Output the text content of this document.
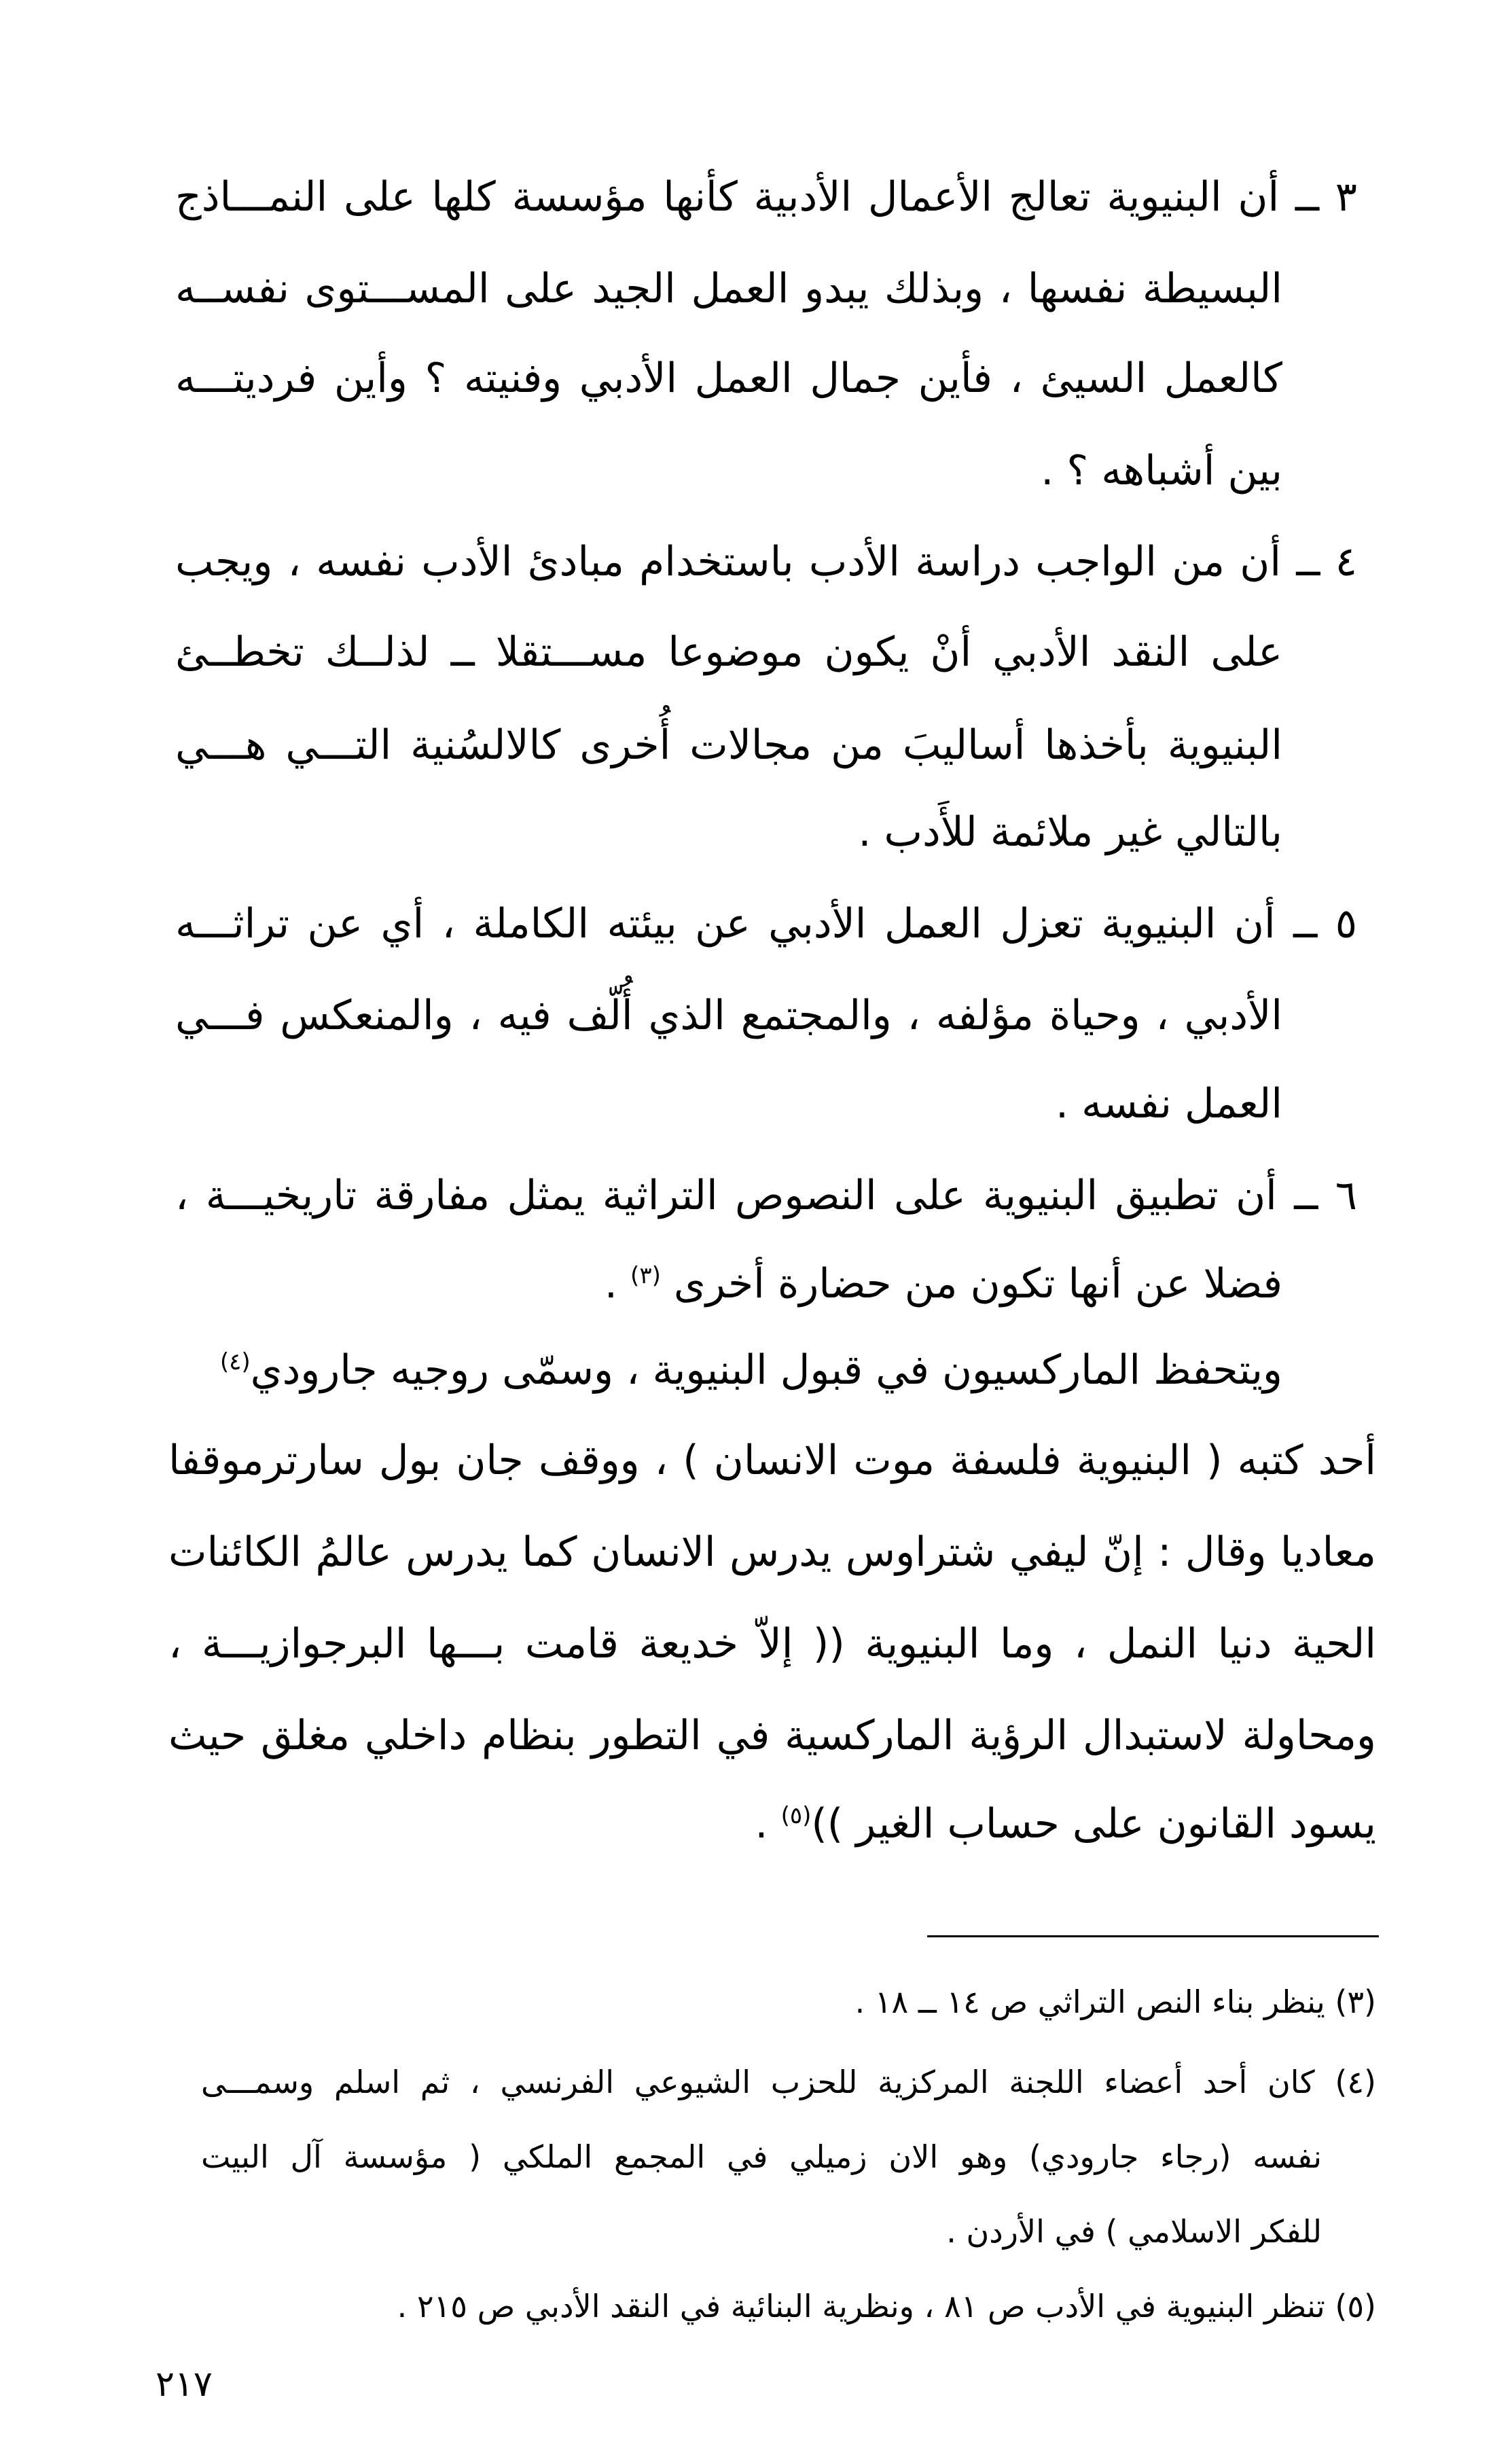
٣ ــ أن البنيوية تعالج الأعمال الأدبية كأنها مؤسسة كلها على النمـــاذج
البسيطة نفسها ، وبذلك يبدو العمل الجيد على المســـتوى نفســه
كالعمل السيئ ، فأين جمال العمل الأدبي وفنيته ؟ وأين فرديتـــه
بين أشباهه ؟ .
٤ ــ أن من الواجب دراسة الأدب باستخدام مبادئ الأدب نفسه ، ويجب
على النقد الأدبي أنْ يكون موضوعا مســـتقلا ــ لذلــك تخطــئ
البنيوية بأخذها أساليبَ من مجالات أُخرى كالالسُنية التـــي هـــي
بالتالي غير ملائمة للأَدب .
٥ ــ أن البنيوية تعزل العمل الأدبي عن بيئته الكاملة ، أي عن تراثـــه
الأدبي ، وحياة مؤلفه ، والمجتمع الذي أُلّف فيه ، والمنعكس فـــي
العمل نفسه .
٦ ــ أن تطبيق البنيوية على النصوص التراثية يمثل مفارقة تاريخيـــة ،
فضلا عن أنها تكون من حضارة أخرى $^{(٣)}$ .
ويتحفظ الماركسيون في قبول البنيوية ، وسمّى روجيه جارودي$^{(٤)}$
أحد كتبه ( البنيوية فلسفة موت الانسان ) ، ووقف جان بول سارترموقفا
معاديا وقال : إنّ ليفي شتراوس يدرس الانسان كما يدرس عالمُ الكائنات
الحية دنيا النمل ، وما البنيوية (( إلاّ خديعة قامت بـــها البرجوازيـــة ،
ومحاولة لاستبدال الرؤية الماركسية في التطور بنظام داخلي مغلق حيث
يسود القانون على حساب الغير ))$^{(٥)}$ .
(٣) ينظر بناء النص التراثي ص ١٤ ــ ١٨ .
(٤) كان أحد أعضاء اللجنة المركزية للحزب الشيوعي الفرنسي ، ثم اسلم وسمـــى
نفسه (رجاء جارودي) وهو الان زميلي في المجمع الملكي ( مؤسسة آل البيت
للفكر الاسلامي ) في الأردن .
(٥) تنظر البنيوية في الأدب ص ٨١ ، ونظرية البنائية في النقد الأدبي ص ٢١٥ .
٢١٧
